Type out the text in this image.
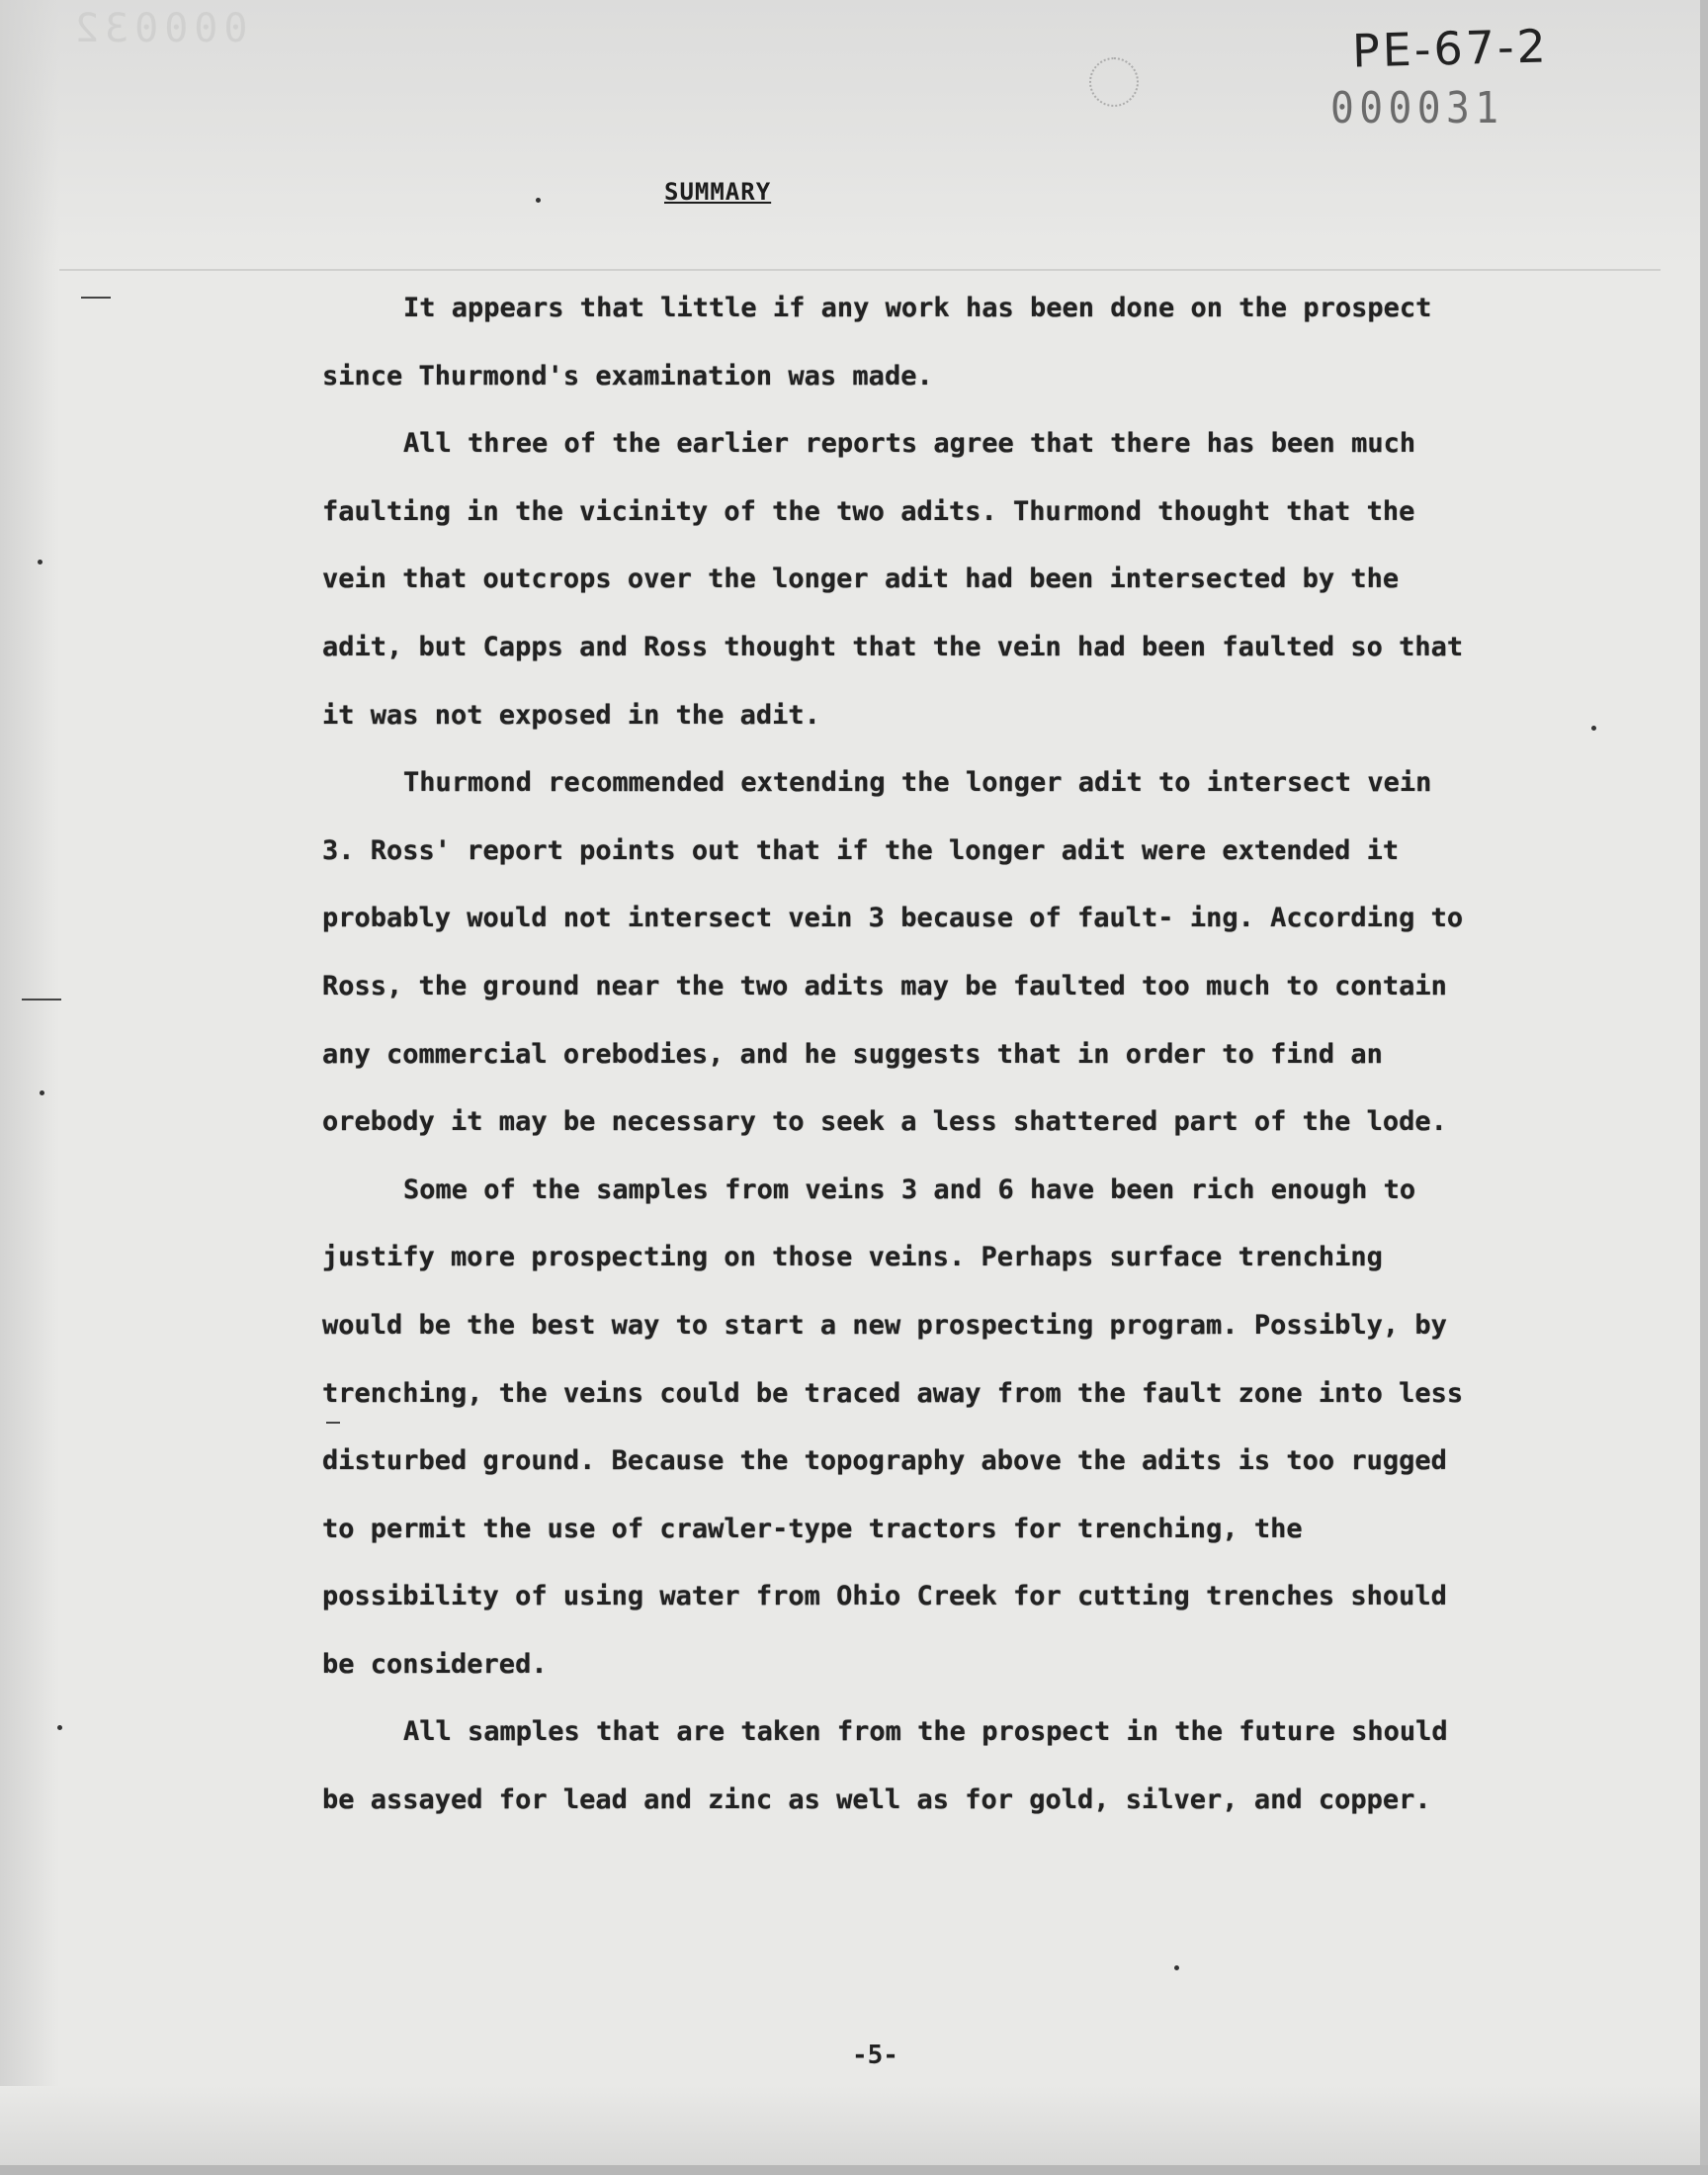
000032	PE-67-2
000031
SUMMARY

It appears that little if any work has been done on the prospect since Thurmond's examination was made.

All three of the earlier reports agree that there has been much faulting in the vicinity of the two adits. Thurmond thought that the vein that outcrops over the longer adit had been intersected by the adit, but Capps and Ross thought that the vein had been faulted so that it was not exposed in the adit.

Thurmond recommended extending the longer adit to intersect vein 3. Ross' report points out that if the longer adit were extended it probably would not intersect vein 3 because of fault- ing. According to Ross, the ground near the two adits may be faulted too much to contain any commercial orebodies, and he suggests that in order to find an orebody it may be necessary to seek a less shattered part of the lode.

Some of the samples from veins 3 and 6 have been rich enough to justify more prospecting on those veins. Perhaps surface trenching would be the best way to start a new prospecting program. Possibly, by trenching, the veins could be traced away from the fault zone into less disturbed ground. Because the topography above the adits is too rugged to permit the use of crawler-type tractors for trenching, the possibility of using water from Ohio Creek for cutting trenches should be considered.

All samples that are taken from the prospect in the future should be assayed for lead and zinc as well as for gold, silver, and copper.

-5-
